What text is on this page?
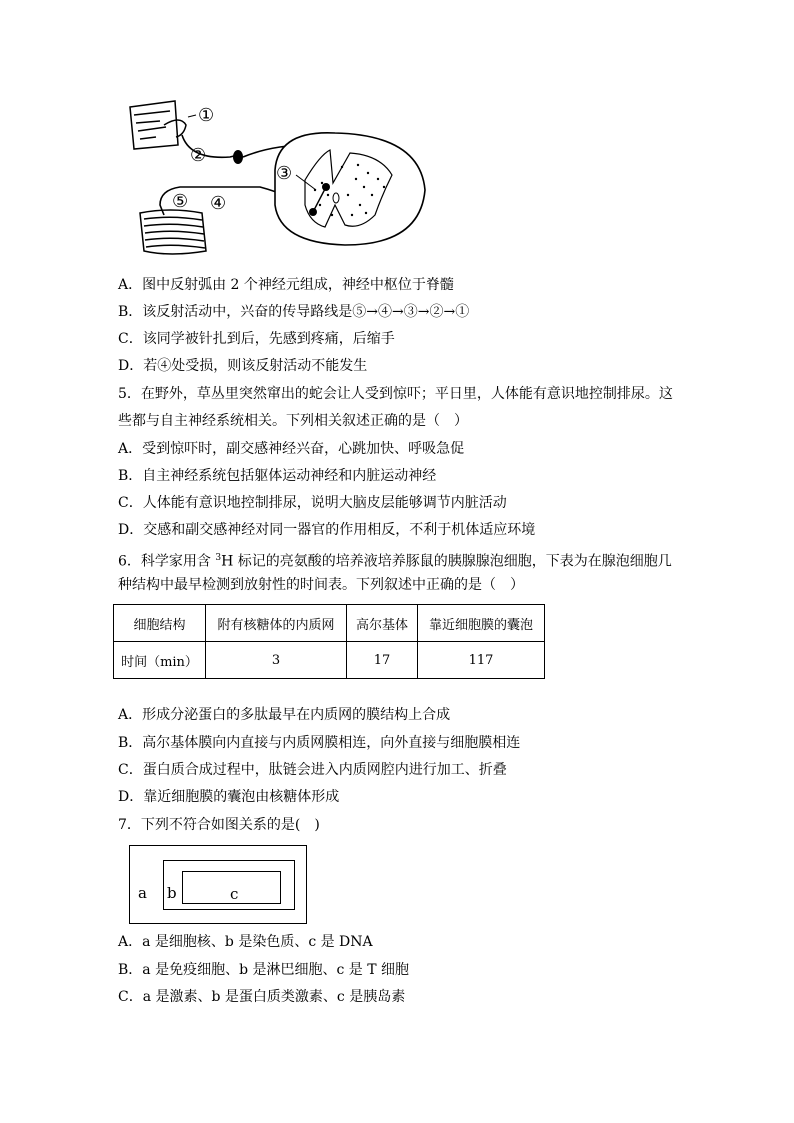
①
②
③
④
⑤
A．图中反射弧由 2 个神经元组成，神经中枢位于脊髓
B．该反射活动中，兴奋的传导路线是⑤→④→③→②→①
C．该同学被针扎到后，先感到疼痛，后缩手
D．若④处受损，则该反射活动不能发生
5．在野外，草丛里突然窜出的蛇会让人受到惊吓；平日里，人体能有意识地控制排尿。这
些都与自主神经系统相关。下列相关叙述正确的是（　）
A．受到惊吓时，副交感神经兴奋，心跳加快、呼吸急促
B．自主神经系统包括躯体运动神经和内脏运动神经
C．人体能有意识地控制排尿，说明大脑皮层能够调节内脏活动
D．交感和副交感神经对同一器官的作用相反，不利于机体适应环境
6．科学家用含 $^3$H 标记的亮氨酸的培养液培养豚鼠的胰腺腺泡细胞，下表为在腺泡细胞几
种结构中最早检测到放射性的时间表。下列叙述中正确的是（　）
细胞结构	附有核糖体的内质网	高尔基体	靠近细胞膜的囊泡
时间（min）	3	17	117
A．形成分泌蛋白的多肽最早在内质网的膜结构上合成
B．高尔基体膜向内直接与内质网膜相连，向外直接与细胞膜相连
C．蛋白质合成过程中，肽链会进入内质网腔内进行加工、折叠
D．靠近细胞膜的囊泡由核糖体形成
7．下列不符合如图关系的是(　)
a b	c
A．a 是细胞核、b 是染色质、c 是 DNA
B．a 是免疫细胞、b 是淋巴细胞、c 是 T 细胞
C．a 是激素、b 是蛋白质类激素、c 是胰岛素
